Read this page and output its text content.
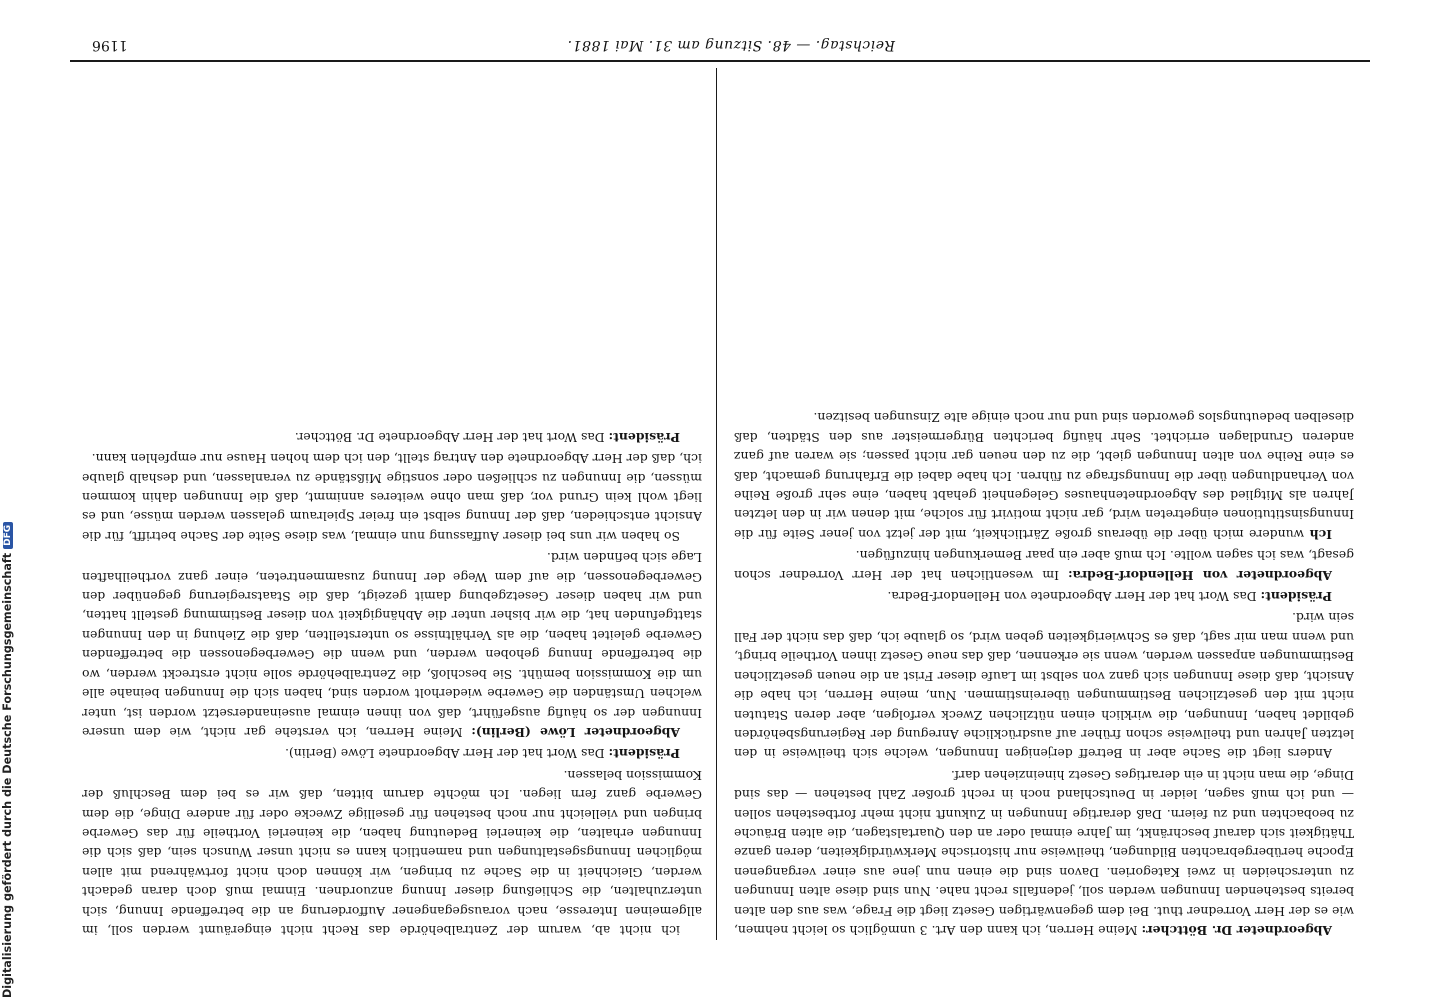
Digitalisierung gefördert durch die Deutsche ForschungsgemeinschaftDFG
1196	Reichstag. — 48. Sitzung am 31. Mai 1881.

ich nicht ab, warum der Zentralbehörde das Recht nicht eingeräumt werden soll, im allgemeinen Interesse, nach vorausgegangener Aufforderung an die betreffende Innung, sich unterzuhalten, die Schließung dieser Innung anzuordnen. Einmal muß doch daran gedacht werden, Gleichheit in die Sache zu bringen, wir können doch nicht fortwährend mit allen möglichen Innungsgestaltungen und namentlich kann es nicht unser Wunsch sein, daß sich die Innungen erhalten, die keinerlei Bedeutung haben, die keinerlei Vortheile für das Gewerbe bringen und vielleicht nur noch bestehen für gesellige Zwecke oder für andere Dinge, die dem Gewerbe ganz fern liegen. Ich möchte darum bitten, daß wir es bei dem Beschluß der Kommission belassen.

Präsident: Das Wort hat der Herr Abgeordnete Löwe (Berlin).

Abgeordneter Löwe (Berlin): Meine Herren, ich verstehe gar nicht, wie dem unsere Innungen der so häufig ausgeführt, daß von ihnen einmal auseinandersetzt worden ist, unter welchen Umständen die Gewerbe wiederholt worden sind, haben sich die Innungen beinahe alle um die Kommission bemüht. Sie beschloß, die Zentralbehörde solle nicht erstreckt werden, wo die betreffende Innung gehoben werden, und wenn die Gewerbegenossen die betreffenden Gewerbe geleitet haben, die als Verhältnisse so unterstellten, daß die Ziehung in den Innungen stattgefunden hat, die wir bisher unter die Abhängigkeit von dieser Bestimmung gestellt hatten, und wir haben dieser Gesetzgebung damit gezeigt, daß die Staatsregierung gegenüber den Gewerbegenossen, die auf dem Wege der Innung zusammentreten, einer ganz vortheilhaften Lage sich befinden wird.

So haben wir uns bei dieser Auffassung nun einmal, was diese Seite der Sache betrifft, für die Ansicht entschieden, daß der Innung selbst ein freier Spielraum gelassen werden müsse, und es liegt wohl kein Grund vor, daß man ohne weiteres annimmt, daß die Innungen dahin kommen müssen, die Innungen zu schließen oder sonstige Mißstände zu veranlassen, und deshalb glaube ich, daß der Herr Abgeordnete den Antrag stellt, den ich dem hohen Hause nur empfehlen kann.

Präsident: Das Wort hat der Herr Abgeordnete Dr. Böttcher.

Abgeordneter Dr. Böttcher: Meine Herren, ich kann den Art. 3 unmöglich so leicht nehmen, wie es der Herr Vorredner thut. Bei dem gegenwärtigen Gesetz liegt die Frage, was aus den alten bereits bestehenden Innungen werden soll, jedenfalls recht nahe. Nun sind diese alten Innungen zu unterscheiden in zwei Kategorien. Davon sind die einen nun jene aus einer vergangenen Epoche herübergebrachten Bildungen, theilweise nur historische Merkwürdigkeiten, deren ganze Thätigkeit sich darauf beschränkt, im Jahre einmal oder an den Quartalstagen, die alten Bräuche zu beobachten und zu feiern. Daß derartige Innungen in Zukunft nicht mehr fortbestehen sollen — und ich muß sagen, leider in Deutschland noch in recht großer Zahl bestehen — das sind Dinge, die man nicht in ein derartiges Gesetz hineinziehen darf.

Anders liegt die Sache aber in Betreff derjenigen Innungen, welche sich theilweise in den letzten Jahren und theilweise schon früher auf ausdrückliche Anregung der Regierungsbehörden gebildet haben, Innungen, die wirklich einen nützlichen Zweck verfolgen, aber deren Statuten nicht mit den gesetzlichen Bestimmungen übereinstimmen. Nun, meine Herren, ich habe die Ansicht, daß diese Innungen sich ganz von selbst im Laufe dieser Frist an die neuen gesetzlichen Bestimmungen anpassen werden, wenn sie erkennen, daß das neue Gesetz ihnen Vortheile bringt, und wenn man mir sagt, daß es Schwierigkeiten geben wird, so glaube ich, daß das nicht der Fall sein wird.

Präsident: Das Wort hat der Herr Abgeordnete von Hellendorf-Bedra.

Abgeordneter von Hellendorf-Bedra: Im wesentlichen hat der Herr Vorredner schon gesagt, was ich sagen wollte. Ich muß aber ein paar Bemerkungen hinzufügen.

Ich wundere mich über die überaus große Zärtlichkeit, mit der jetzt von jener Seite für die Innungsinstitutionen eingetreten wird, gar nicht motivirt für solche, mit denen wir in den letzten Jahren als Mitglied des Abgeordnetenhauses Gelegenheit gehabt haben, eine sehr große Reihe von Verhandlungen über die Innungsfrage zu führen. Ich habe dabei die Erfahrung gemacht, daß es eine Reihe von alten Innungen giebt, die zu den neuen gar nicht passen; sie waren auf ganz anderen Grundlagen errichtet. Sehr häufig berichten Bürgermeister aus den Städten, daß dieselben bedeutungslos geworden sind und nur noch einige alte Zinsungen besitzen.
